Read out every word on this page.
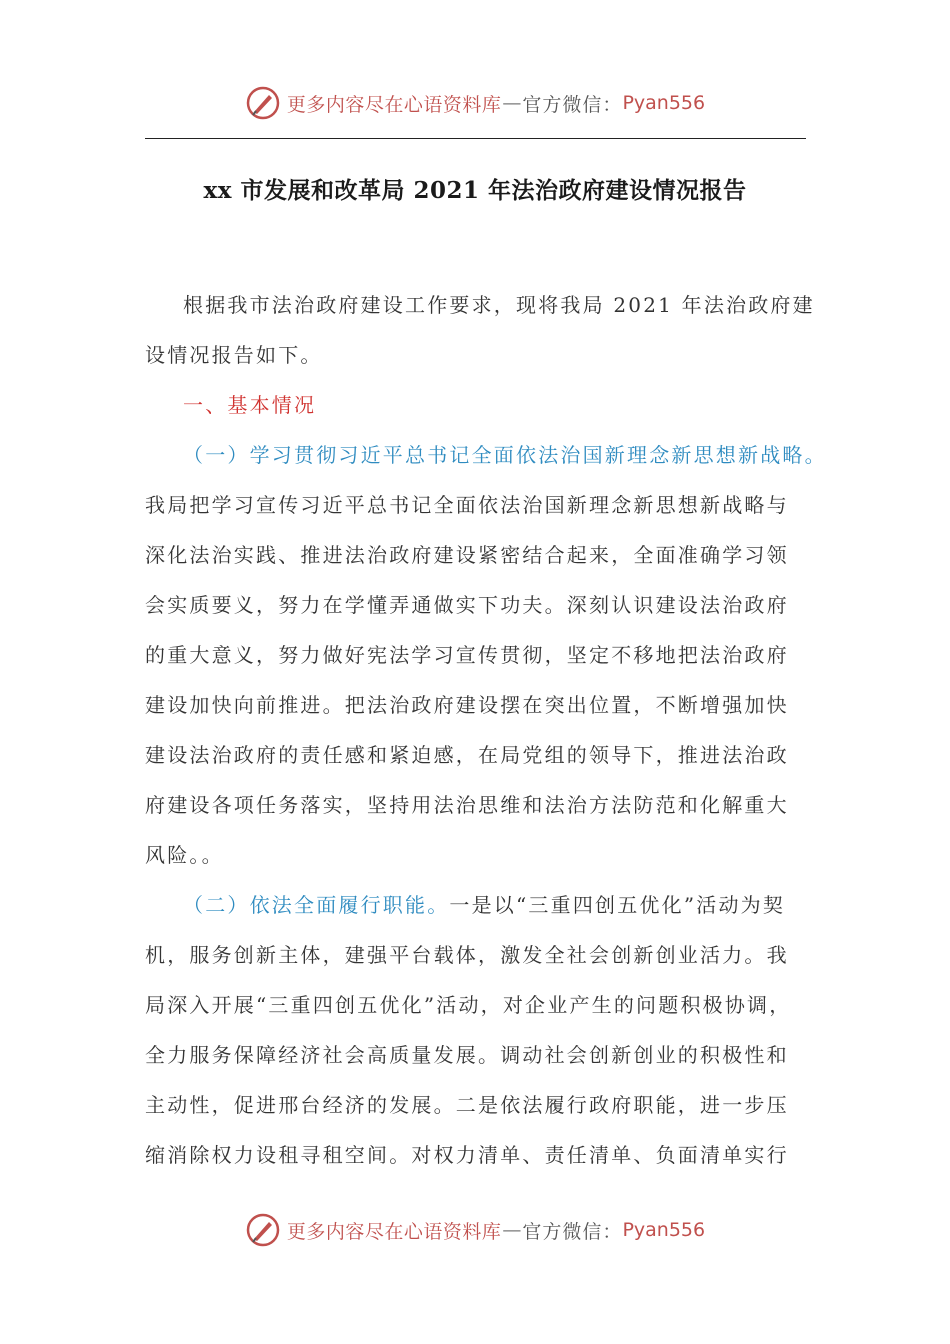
更多内容尽在心语资料库 — 官方微信： Pyan556
xx 市发展和改革局 2021 年法治政府建设情况报告
根据我市法治政府建设工作要求，现将我局 2021 年法治政府建
设情况报告如下。
一、基本情况
（一）学习贯彻习近平总书记全面依法治国新理念新思想新战略。
我局把学习宣传习近平总书记全面依法治国新理念新思想新战略与
深化法治实践、推进法治政府建设紧密结合起来，全面准确学习领
会实质要义，努力在学懂弄通做实下功夫。深刻认识建设法治政府
的重大意义，努力做好宪法学习宣传贯彻，坚定不移地把法治政府
建设加快向前推进。把法治政府建设摆在突出位置，不断增强加快
建设法治政府的责任感和紧迫感，在局党组的领导下，推进法治政
府建设各项任务落实，坚持用法治思维和法治方法防范和化解重大
风险。。
（二）依法全面履行职能。一是以“三重四创五优化”活动为契
机，服务创新主体，建强平台载体，激发全社会创新创业活力。我
局深入开展“三重四创五优化”活动，对企业产生的问题积极协调，
全力服务保障经济社会高质量发展。调动社会创新创业的积极性和
主动性，促进邢台经济的发展。二是依法履行政府职能，进一步压
缩消除权力设租寻租空间。对权力清单、责任清单、负面清单实行
更多内容尽在心语资料库 — 官方微信： Pyan556
